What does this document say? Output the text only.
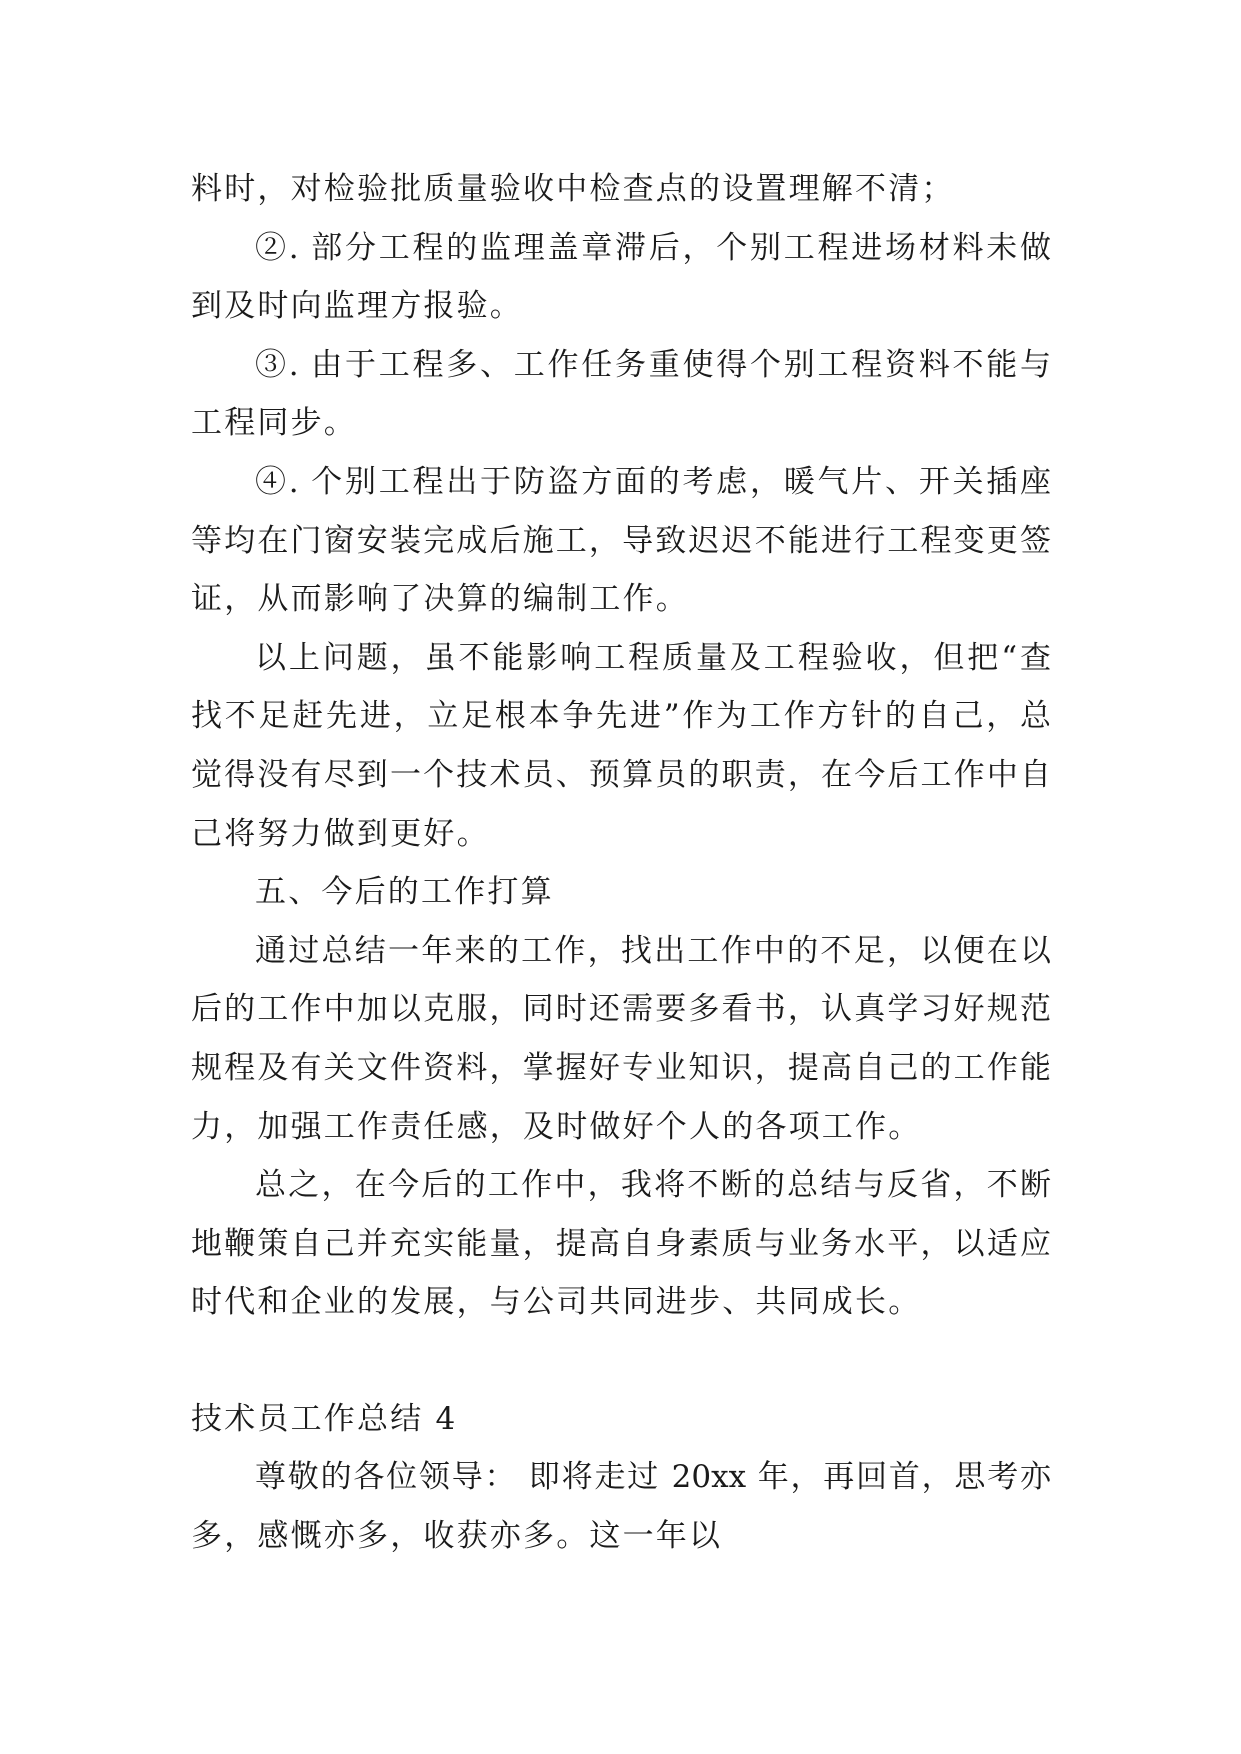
料时，对检验批质量验收中检查点的设置理解不清；
②. 部分工程的监理盖章滞后，个别工程进场材料未做
到及时向监理方报验。
③. 由于工程多、工作任务重使得个别工程资料不能与
工程同步。
④. 个别工程出于防盗方面的考虑，暖气片、开关插座
等均在门窗安装完成后施工，导致迟迟不能进行工程变更签
证，从而影响了决算的编制工作。
以上问题，虽不能影响工程质量及工程验收，但把“查
找不足赶先进，立足根本争先进”作为工作方针的自己，总
觉得没有尽到一个技术员、预算员的职责，在今后工作中自
己将努力做到更好。
五、今后的工作打算
通过总结一年来的工作，找出工作中的不足，以便在以
后的工作中加以克服，同时还需要多看书，认真学习好规范
规程及有关文件资料，掌握好专业知识，提高自己的工作能
力，加强工作责任感，及时做好个人的各项工作。
总之，在今后的工作中，我将不断的总结与反省，不断
地鞭策自己并充实能量，提高自身素质与业务水平，以适应
时代和企业的发展，与公司共同进步、共同成长。
技术员工作总结 4
尊敬的各位领导： 即将走过 20xx 年，再回首，思考亦
多，感慨亦多，收获亦多。这一年以
